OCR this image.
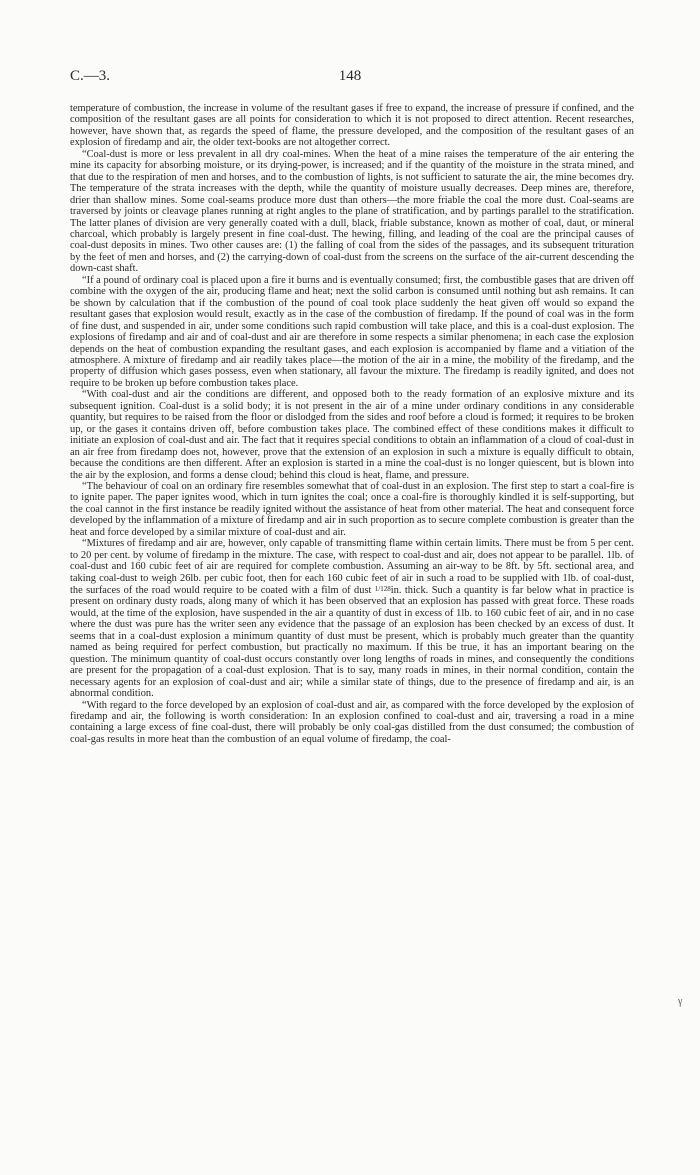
C.—3.	148

temperature of combustion, the increase in volume of the resultant gases if free to expand, the increase of pressure if confined, and the composition of the resultant gases are all points for consideration to which it is not proposed to direct attention. Recent researches, however, have shown that, as regards the speed of flame, the pressure developed, and the composition of the resultant gases of an explosion of firedamp and air, the older text-books are not altogether correct.

“Coal-dust is more or less prevalent in all dry coal-mines. When the heat of a mine raises the temperature of the air entering the mine its capacity for absorbing moisture, or its drying-power, is increased; and if the quantity of the moisture in the strata mined, and that due to the respiration of men and horses, and to the combustion of lights, is not sufficient to saturate the air, the mine becomes dry. The temperature of the strata increases with the depth, while the quantity of moisture usually decreases. Deep mines are, therefore, drier than shallow mines. Some coal-seams produce more dust than others—the more friable the coal the more dust. Coal-seams are traversed by joints or cleavage planes running at right angles to the plane of stratification, and by partings parallel to the stratification. The latter planes of division are very generally coated with a dull, black, friable substance, known as mother of coal, daut, or mineral charcoal, which probably is largely present in fine coal-dust. The hewing, filling, and leading of the coal are the principal causes of coal-dust deposits in mines. Two other causes are: (1) the falling of coal from the sides of the passages, and its subsequent trituration by the feet of men and horses, and (2) the carrying-down of coal-dust from the screens on the surface of the air-current descending the down-cast shaft.

“If a pound of ordinary coal is placed upon a fire it burns and is eventually consumed; first, the combustible gases that are driven off combine with the oxygen of the air, producing flame and heat; next the solid carbon is consumed until nothing but ash remains. It can be shown by calculation that if the combustion of the pound of coal took place suddenly the heat given off would so expand the resultant gases that explosion would result, exactly as in the case of the combustion of firedamp. If the pound of coal was in the form of fine dust, and suspended in air, under some conditions such rapid combustion will take place, and this is a coal-dust explosion. The explosions of firedamp and air and of coal-dust and air are therefore in some respects a similar phenomena; in each case the explosion depends on the heat of combustion expanding the resultant gases, and each explosion is accompanied by flame and a vitiation of the atmosphere. A mixture of firedamp and air readily takes place—the motion of the air in a mine, the mobility of the firedamp, and the property of diffusion which gases possess, even when stationary, all favour the mixture. The firedamp is readily ignited, and does not require to be broken up before combustion takes place.

“With coal-dust and air the conditions are different, and opposed both to the ready formation of an explosive mixture and its subsequent ignition. Coal-dust is a solid body; it is not present in the air of a mine under ordinary conditions in any considerable quantity, but requires to be raised from the floor or dislodged from the sides and roof before a cloud is formed; it requires to be broken up, or the gases it contains driven off, before combustion takes place. The combined effect of these conditions makes it difficult to initiate an explosion of coal-dust and air. The fact that it requires special conditions to obtain an inflammation of a cloud of coal-dust in an air free from firedamp does not, however, prove that the extension of an explosion in such a mixture is equally difficult to obtain, because the conditions are then different. After an explosion is started in a mine the coal-dust is no longer quiescent, but is blown into the air by the explosion, and forms a dense cloud; behind this cloud is heat, flame, and pressure.

“The behaviour of coal on an ordinary fire resembles somewhat that of coal-dust in an explosion. The first step to start a coal-fire is to ignite paper. The paper ignites wood, which in turn ignites the coal; once a coal-fire is thoroughly kindled it is self-supporting, but the coal cannot in the first instance be readily ignited without the assistance of heat from other material. The heat and consequent force developed by the inflammation of a mixture of firedamp and air in such proportion as to secure complete combustion is greater than the heat and force developed by a similar mixture of coal-dust and air.

“Mixtures of firedamp and air are, however, only capable of transmitting flame within certain limits. There must be from 5 per cent. to 20 per cent. by volume of firedamp in the mixture. The case, with respect to coal-dust and air, does not appear to be parallel. 1lb. of coal-dust and 160 cubic feet of air are required for complete combustion. Assuming an air-way to be 8ft. by 5ft. sectional area, and taking coal-dust to weigh 26lb. per cubic foot, then for each 160 cubic feet of air in such a road to be supplied with 1lb. of coal-dust, the surfaces of the road would require to be coated with a film of dust 1/128in. thick. Such a quantity is far below what in practice is present on ordinary dusty roads, along many of which it has been observed that an explosion has passed with great force. These roads would, at the time of the explosion, have suspended in the air a quantity of dust in excess of 1lb. to 160 cubic feet of air, and in no case where the dust was pure has the writer seen any evidence that the passage of an explosion has been checked by an excess of dust. It seems that in a coal-dust explosion a minimum quantity of dust must be present, which is probably much greater than the quantity named as being required for perfect combustion, but practically no maximum. If this be true, it has an important bearing on the question. The minimum quantity of coal-dust occurs constantly over long lengths of roads in mines, and consequently the conditions are present for the propagation of a coal-dust explosion. That is to say, many roads in mines, in their normal condition, contain the necessary agents for an explosion of coal-dust and air; while a similar state of things, due to the presence of firedamp and air, is an abnormal condition.

“With regard to the force developed by an explosion of coal-dust and air, as compared with the force developed by the explosion of firedamp and air, the following is worth consideration: In an explosion confined to coal-dust and air, traversing a road in a mine containing a large excess of fine coal-dust, there will probably be only coal-gas distilled from the dust consumed; the combustion of coal-gas results in more heat than the combustion of an equal volume of firedamp, the coal-

γ
